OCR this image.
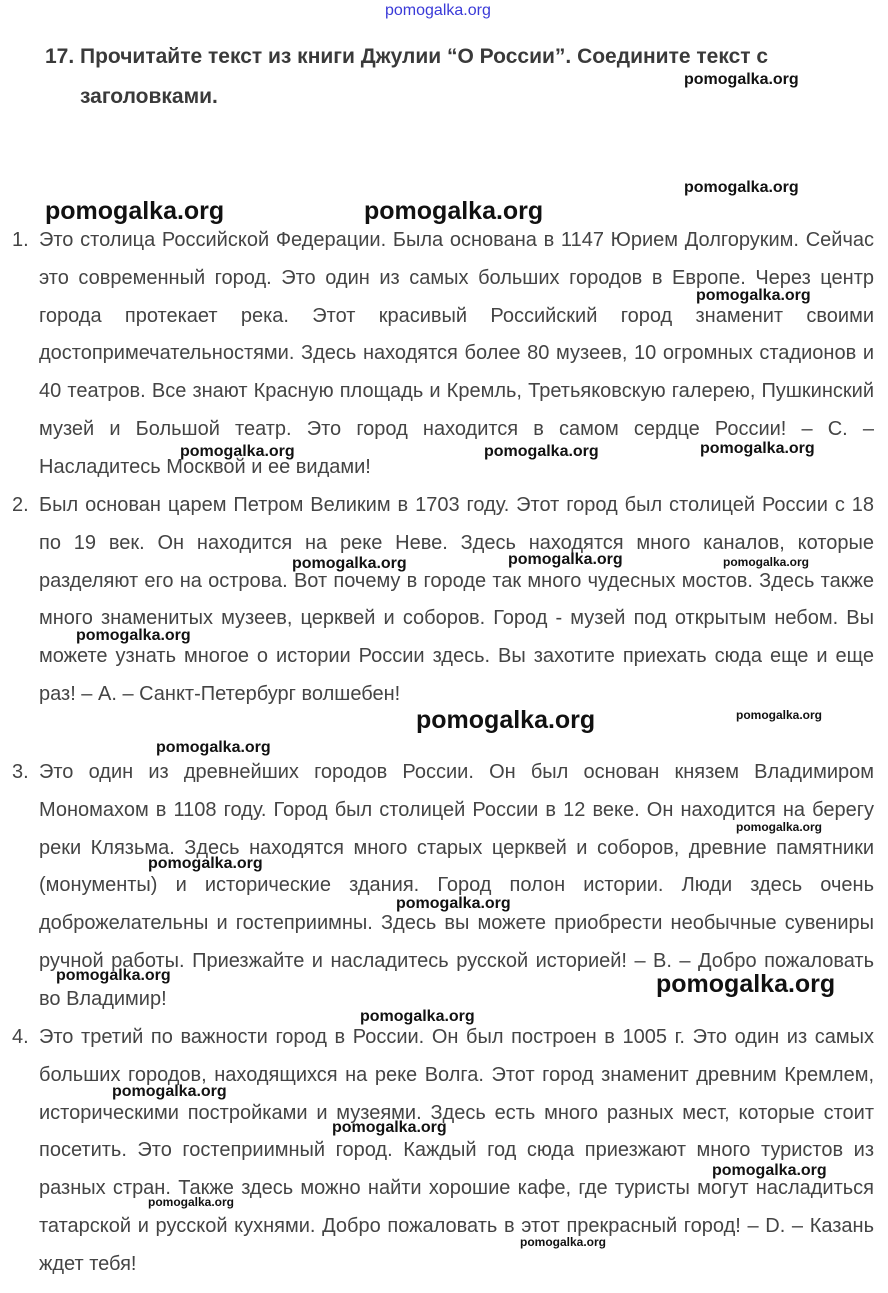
pomogalka.org
17. Прочитайте текст из книги Джулии “О России”. Соедините текст с заголовками.
1. Это столица Российской Федерации. Была основана в 1147 Юрием Долгоруким. Сейчас это современный город. Это один из самых больших городов в Европе. Через центр города протекает река. Этот красивый Российский город знаменит своими достопримечательностями. Здесь находятся более 80 музеев, 10 огромных стадионов и 40 театров. Все знают Красную площадь и Кремль, Третьяковскую галерею, Пушкинский музей и Большой театр. Это город находится в самом сердце России! – C. – Насладитесь Москвой и ее видами!
2. Был основан царем Петром Великим в 1703 году. Этот город был столицей России с 18 по 19 век. Он находится на реке Неве. Здесь находятся много каналов, которые разделяют его на острова. Вот почему в городе так много чудесных мостов. Здесь также много знаменитых музеев, церквей и соборов. Город - музей под открытым небом. Вы можете узнать многое о истории России здесь. Вы захотите приехать сюда еще и еще раз! – A. – Санкт-Петербург волшебен!
3. Это один из древнейших городов России. Он был основан князем Владимиром Мономахом в 1108 году. Город был столицей России в 12 веке. Он находится на берегу реки Клязьма. Здесь находятся много старых церквей и соборов, древние памятники (монументы) и исторические здания. Город полон истории. Люди здесь очень доброжелательны и гостеприимны. Здесь вы можете приобрести необычные сувениры ручной работы. Приезжайте и насладитесь русской историей! – B. – Добро пожаловать во Владимир!
4. Это третий по важности город в России. Он был построен в 1005 г. Это один из самых больших городов, находящихся на реке Волга. Этот город знаменит древним Кремлем, историческими постройками и музеями. Здесь есть много разных мест, которые стоит посетить. Это гостеприимный город. Каждый год сюда приезжают много туристов из разных стран. Также здесь можно найти хорошие кафе, где туристы могут насладиться татарской и русской кухнями. Добро пожаловать в этот прекрасный город! – D. – Казань ждет тебя!
pomogalka.org
pomogalka.org
pomogalka.org	pomogalka.org
pomogalka.org
pomogalka.org	pomogalka.org	pomogalka.org
pomogalka.org	pomogalka.org	pomogalka.org
pomogalka.org
pomogalka.org	pomogalka.org
pomogalka.org
pomogalka.org
pomogalka.org
pomogalka.org
pomogalka.org	pomogalka.org
pomogalka.org
pomogalka.org
pomogalka.org
pomogalka.org
pomogalka.org
pomogalka.org
